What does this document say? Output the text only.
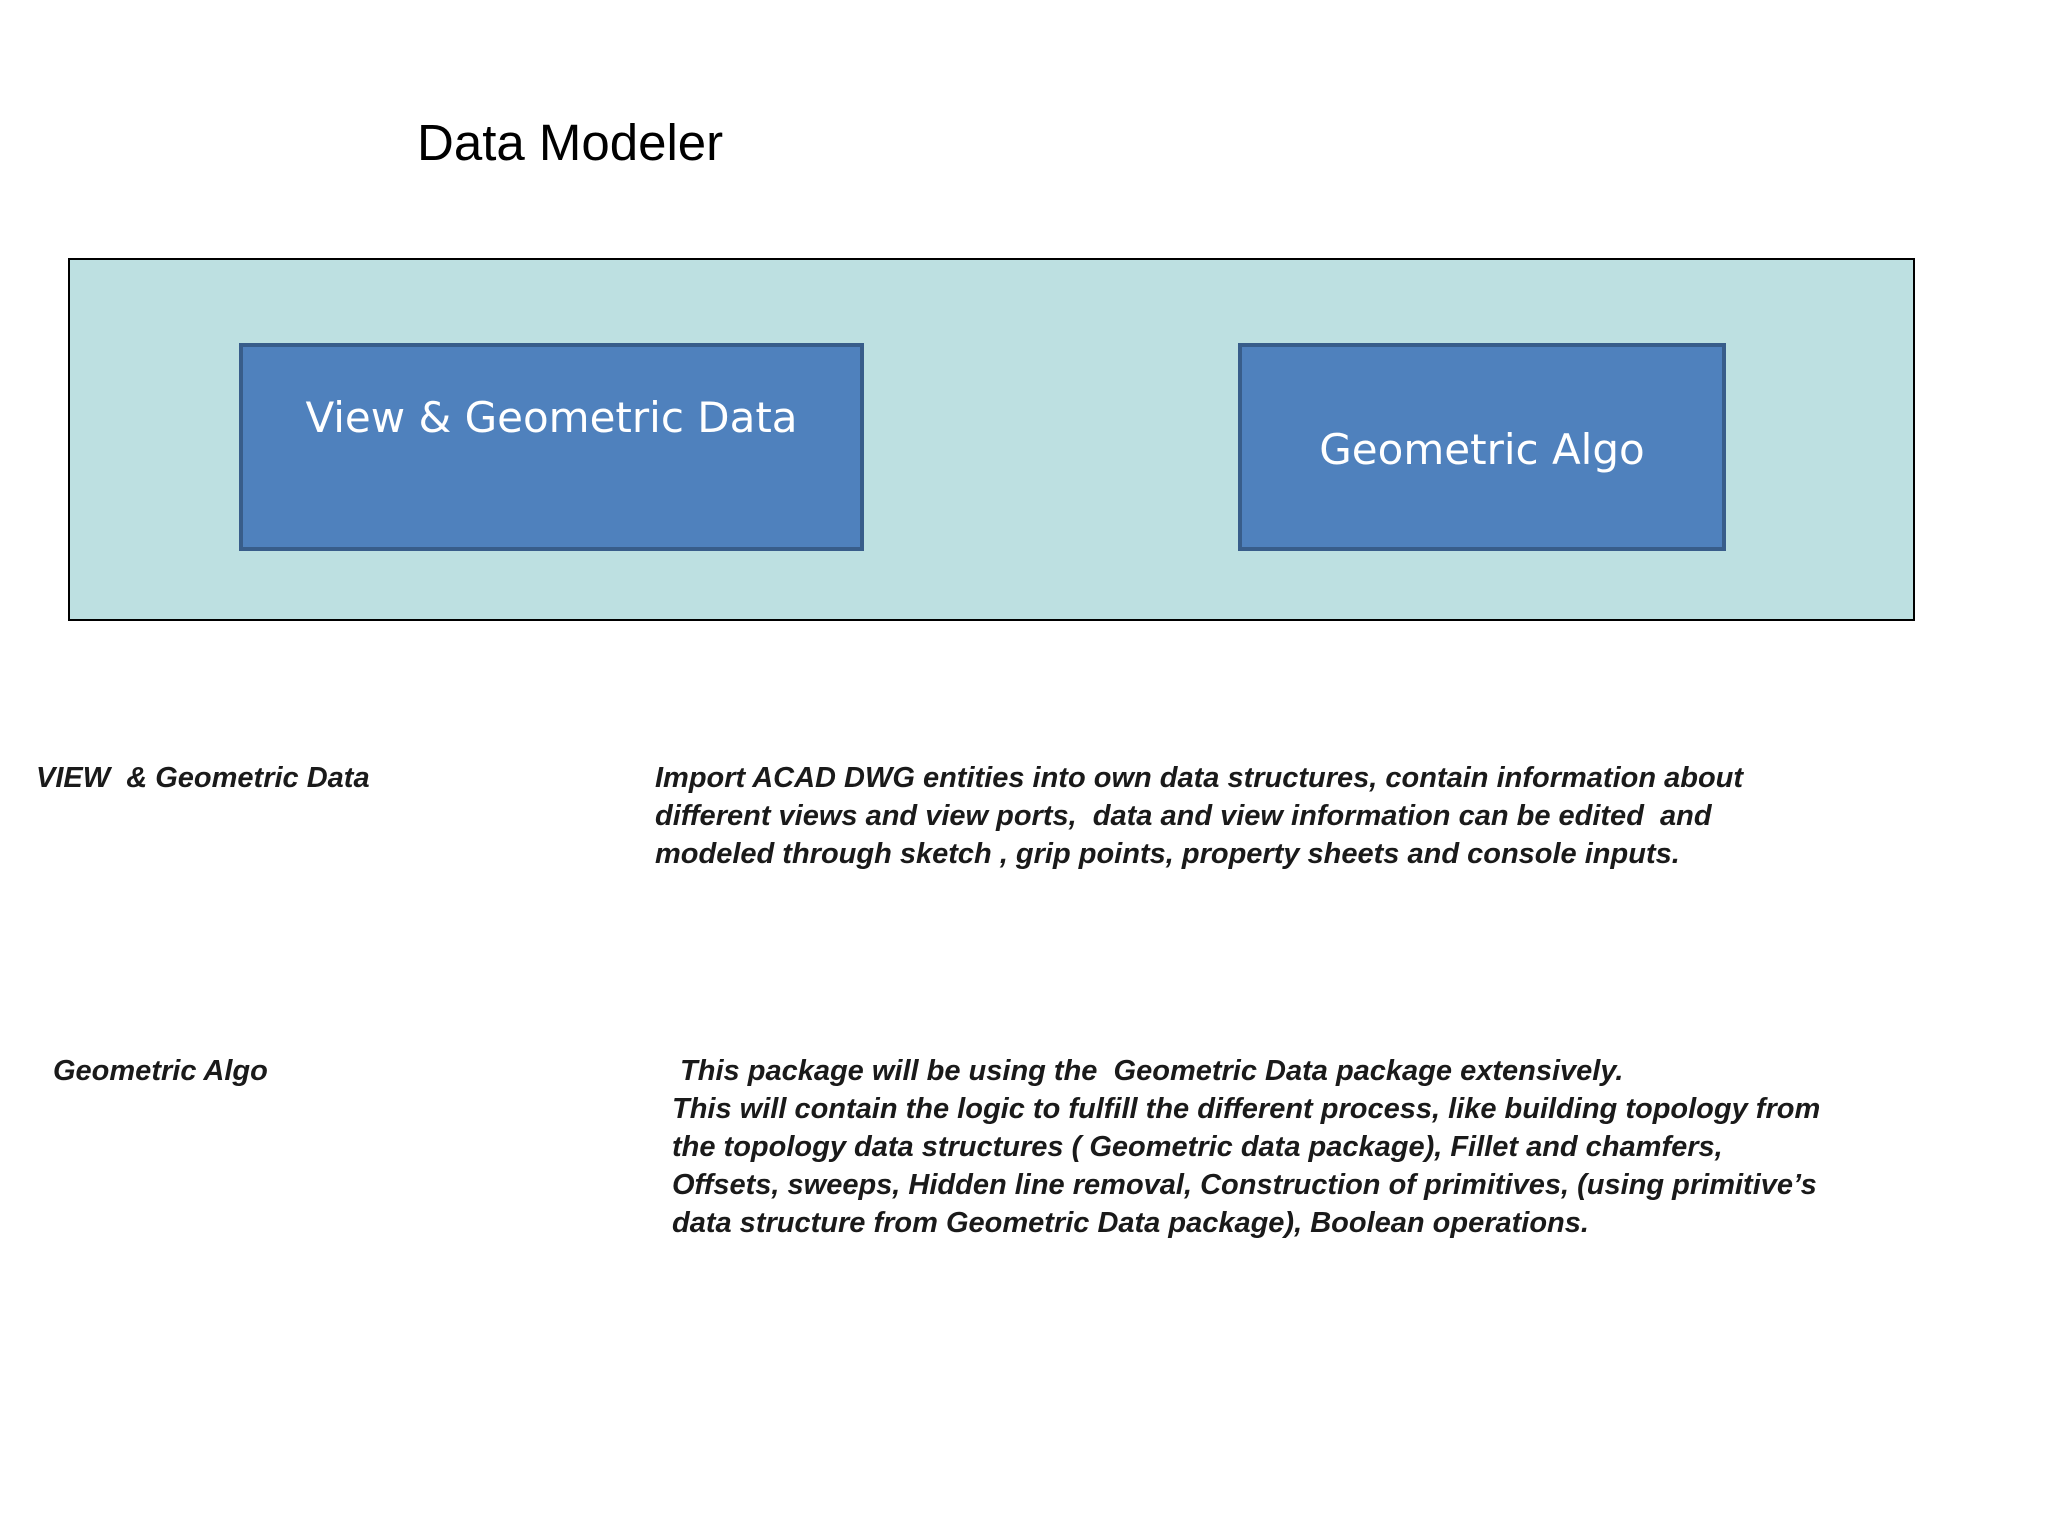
Data Modeler
View & Geometric Data
Geometric Algo
VIEW  & Geometric Data	Import ACAD DWG entities into own data structures, contain information about
different views and view ports,  data and view information can be edited  and
modeled through sketch , grip points, property sheets and console inputs.
Geometric Algo	This package will be using the  Geometric Data package extensively.
This will contain the logic to fulfill the different process, like building topology from
the topology data structures ( Geometric data package), Fillet and chamfers,
Offsets, sweeps, Hidden line removal, Construction of primitives, (using primitive’s
data structure from Geometric Data package), Boolean operations.
